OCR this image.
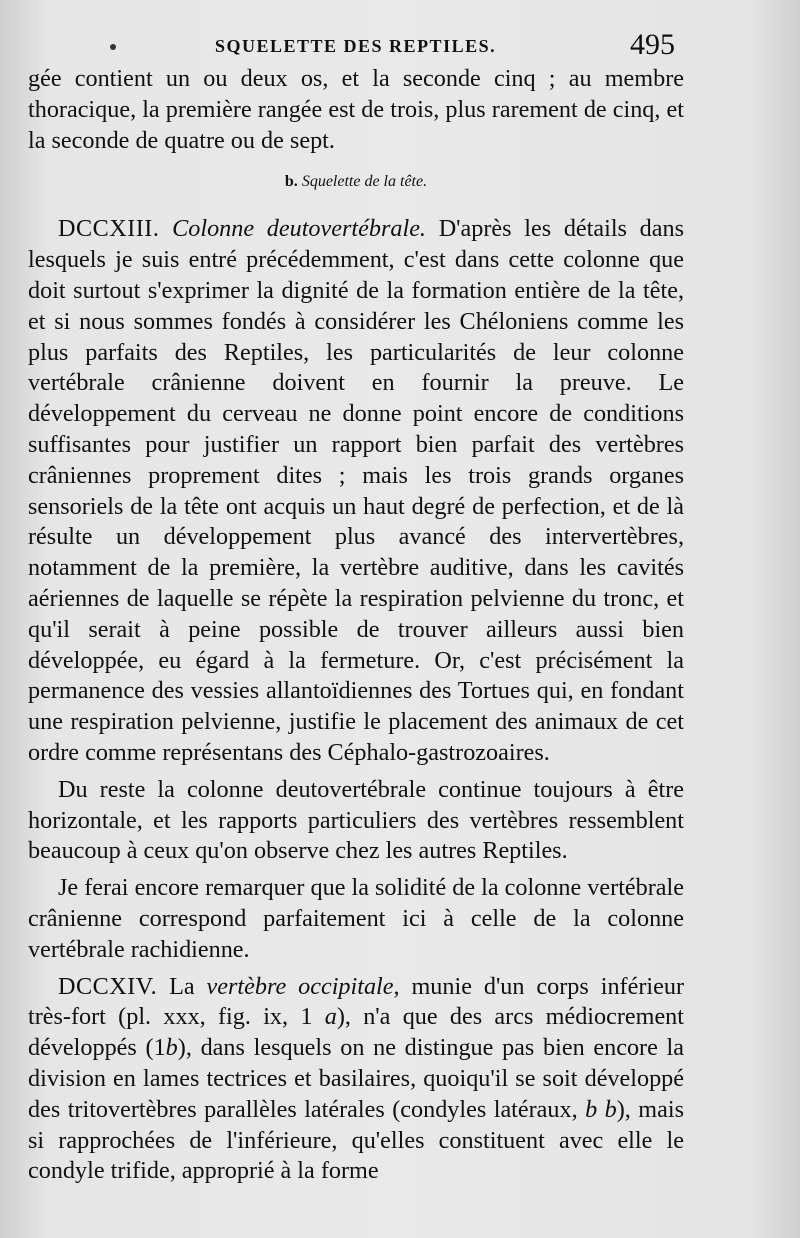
SQUELETTE DES REPTILES.	495

gée contient un ou deux os, et la seconde cinq ; au membre thoracique, la première rangée est de trois, plus rarement de cinq, et la seconde de quatre ou de sept.

b. Squelette de la tête.

DCCXIII. Colonne deutovertébrale. D'après les détails dans lesquels je suis entré précédemment, c'est dans cette colonne que doit surtout s'exprimer la dignité de la formation entière de la tête, et si nous sommes fondés à considérer les Chéloniens comme les plus parfaits des Reptiles, les particularités de leur colonne vertébrale crânienne doivent en fournir la preuve. Le développement du cerveau ne donne point encore de conditions suffisantes pour justifier un rapport bien parfait des vertèbres crâniennes proprement dites ; mais les trois grands organes sensoriels de la tête ont acquis un haut degré de perfection, et de là résulte un développement plus avancé des intervertèbres, notamment de la première, la vertèbre auditive, dans les cavités aériennes de laquelle se répète la respiration pelvienne du tronc, et qu'il serait à peine possible de trouver ailleurs aussi bien développée, eu égard à la fermeture. Or, c'est précisément la permanence des vessies allantoïdiennes des Tortues qui, en fondant une respiration pelvienne, justifie le placement des animaux de cet ordre comme représentans des Céphalo-gastrozoaires.

Du reste la colonne deutovertébrale continue toujours à être horizontale, et les rapports particuliers des vertèbres ressemblent beaucoup à ceux qu'on observe chez les autres Reptiles.

Je ferai encore remarquer que la solidité de la colonne vertébrale crânienne correspond parfaitement ici à celle de la colonne vertébrale rachidienne.

DCCXIV. La vertèbre occipitale, munie d'un corps inférieur très-fort (pl. xxx, fig. ix, 1 a), n'a que des arcs médiocrement développés (1b), dans lesquels on ne distingue pas bien encore la division en lames tectrices et basilaires, quoiqu'il se soit développé des tritovertèbres parallèles latérales (condyles latéraux, b b), mais si rapprochées de l'inférieure, qu'elles constituent avec elle le condyle trifide, approprié à la forme
